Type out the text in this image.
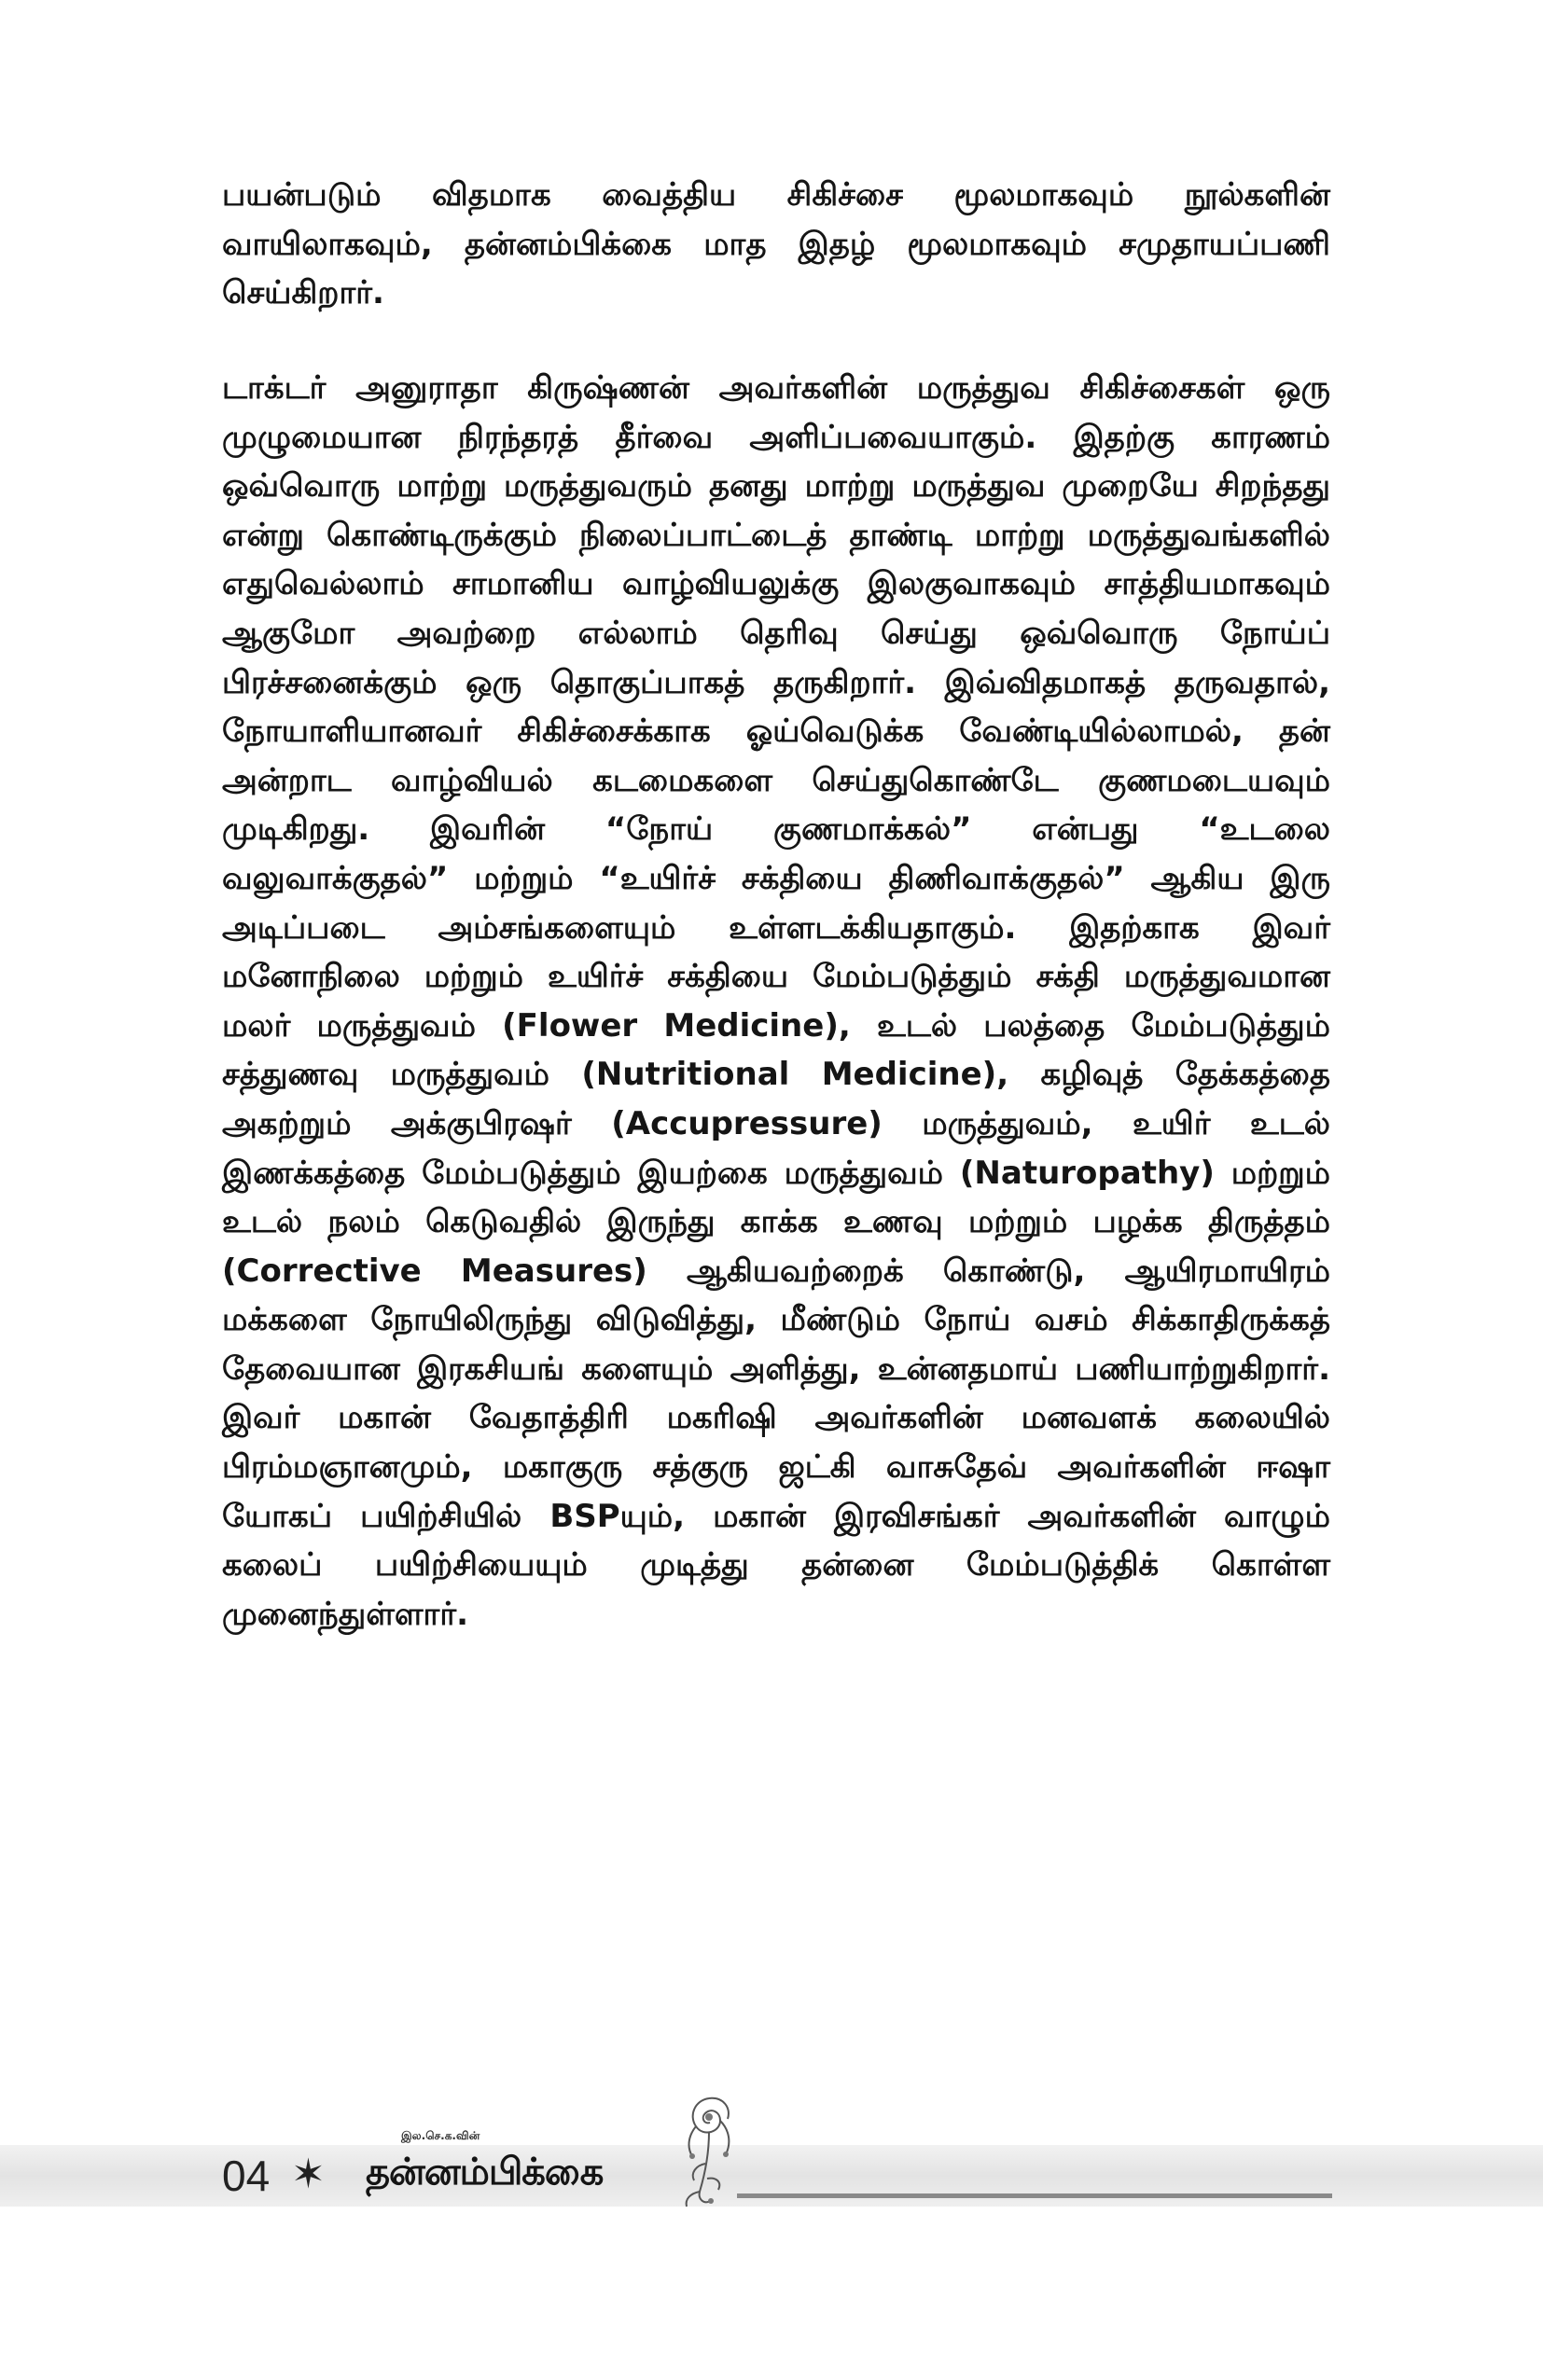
பயன்படும் விதமாக வைத்திய சிகிச்சை மூலமாகவும் நூல்களின் வாயிலாகவும், தன்னம்பிக்கை மாத இதழ் மூலமாகவும் சமுதாயப்பணி செய்கிறார்.

டாக்டர் அனுராதா கிருஷ்ணன் அவர்களின் மருத்துவ சிகிச்சைகள் ஒரு முழுமையான நிரந்தரத் தீர்வை அளிப்பவையாகும். இதற்கு காரணம் ஒவ்வொரு மாற்று மருத்துவரும் தனது மாற்று மருத்துவ முறையே சிறந்தது என்று கொண்டிருக்கும் நிலைப்பாட்டைத் தாண்டி மாற்று மருத்துவங்களில் எதுவெல்லாம் சாமானிய வாழ்வியலுக்கு இலகுவாகவும் சாத்தியமாகவும் ஆகுமோ அவற்றை எல்லாம் தெரிவு செய்து ஒவ்வொரு நோய்ப் பிரச்சனைக்கும் ஒரு தொகுப்பாகத் தருகிறார். இவ்விதமாகத் தருவதால், நோயாளியானவர் சிகிச்சைக்காக ஓய்வெடுக்க வேண்டியில்லாமல், தன் அன்றாட வாழ்வியல் கடமைகளை செய்துகொண்டே குணமடையவும் முடிகிறது. இவரின் “நோய் குணமாக்கல்” என்பது “உடலை வலுவாக்குதல்” மற்றும் “உயிர்ச் சக்தியை திணிவாக்குதல்” ஆகிய இரு அடிப்படை அம்சங்களையும் உள்ளடக்கியதாகும். இதற்காக இவர் மனோநிலை மற்றும் உயிர்ச் சக்தியை மேம்படுத்தும் சக்தி மருத்துவமான மலர் மருத்துவம் (Flower Medicine), உடல் பலத்தை மேம்படுத்தும் சத்துணவு மருத்துவம் (Nutritional Medicine), கழிவுத் தேக்கத்தை அகற்றும் அக்குபிரஷர் (Accupressure) மருத்துவம், உயிர் உடல் இணக்கத்தை மேம்படுத்தும் இயற்கை மருத்துவம் (Naturopathy) மற்றும் உடல் நலம் கெடுவதில் இருந்து காக்க உணவு மற்றும் பழக்க திருத்தம் (Corrective Measures) ஆகியவற்றைக் கொண்டு, ஆயிரமாயிரம் மக்களை நோயிலிருந்து விடுவித்து, மீண்டும் நோய் வசம் சிக்காதிருக்கத் தேவையான இரகசியங் களையும் அளித்து, உன்னதமாய் பணியாற்றுகிறார். இவர் மகான் வேதாத்திரி மகரிஷி அவர்களின் மனவளக் கலையில் பிரம்மஞானமும், மகாகுரு சத்குரு ஜட்கி வாசுதேவ் அவர்களின் ஈஷா யோகப் பயிற்சியில் BSPயும், மகான் இரவிசங்கர் அவர்களின் வாழும் கலைப் பயிற்சியையும் முடித்து தன்னை மேம்படுத்திக் கொள்ள முனைந்துள்ளார்.

04 ✶
இல.செ.க.வின்
தன்னம்பிக்கை
